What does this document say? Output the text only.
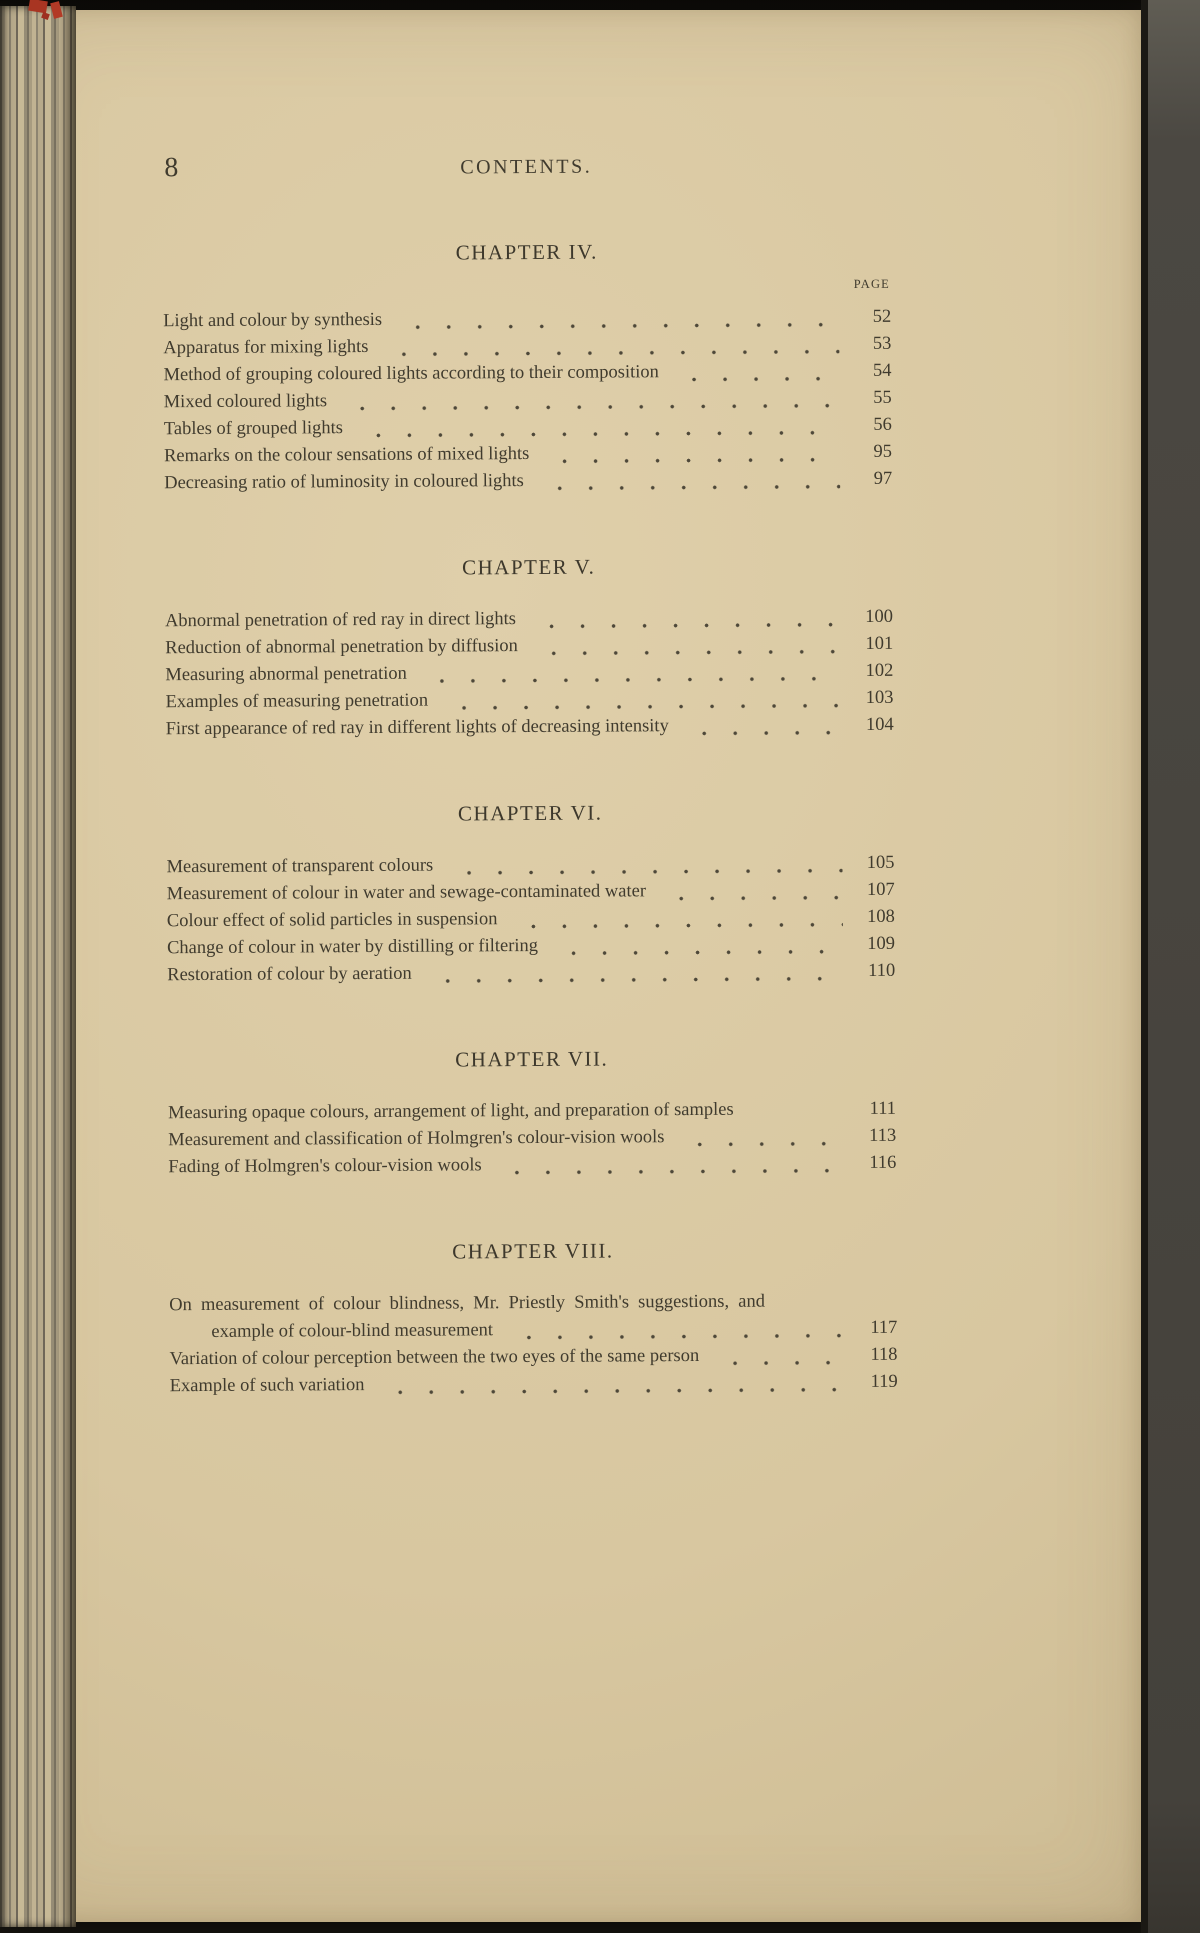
8	CONTENTS.
CHAPTER IV.
PAGE
Light and colour by synthesis	52
Apparatus for mixing lights	53
Method of grouping coloured lights according to their composition	54
Mixed coloured lights	55
Tables of grouped lights	56
Remarks on the colour sensations of mixed lights	95
Decreasing ratio of luminosity in coloured lights	97
CHAPTER V.
Abnormal penetration of red ray in direct lights	100
Reduction of abnormal penetration by diffusion	101
Measuring abnormal penetration	102
Examples of measuring penetration	103
First appearance of red ray in different lights of decreasing intensity	104
CHAPTER VI.
Measurement of transparent colours	105
Measurement of colour in water and sewage-contaminated water	107
Colour effect of solid particles in suspension	108
Change of colour in water by distilling or filtering	109
Restoration of colour by aeration	110
CHAPTER VII.
Measuring opaque colours, arrangement of light, and preparation of samples	111
Measurement and classification of Holmgren's colour-vision wools	113
Fading of Holmgren's colour-vision wools	116
CHAPTER VIII.
On measurement of colour blindness, Mr. Priestly Smith's suggestions, and
example of colour-blind measurement	117
Variation of colour perception between the two eyes of the same person	118
Example of such variation	119
